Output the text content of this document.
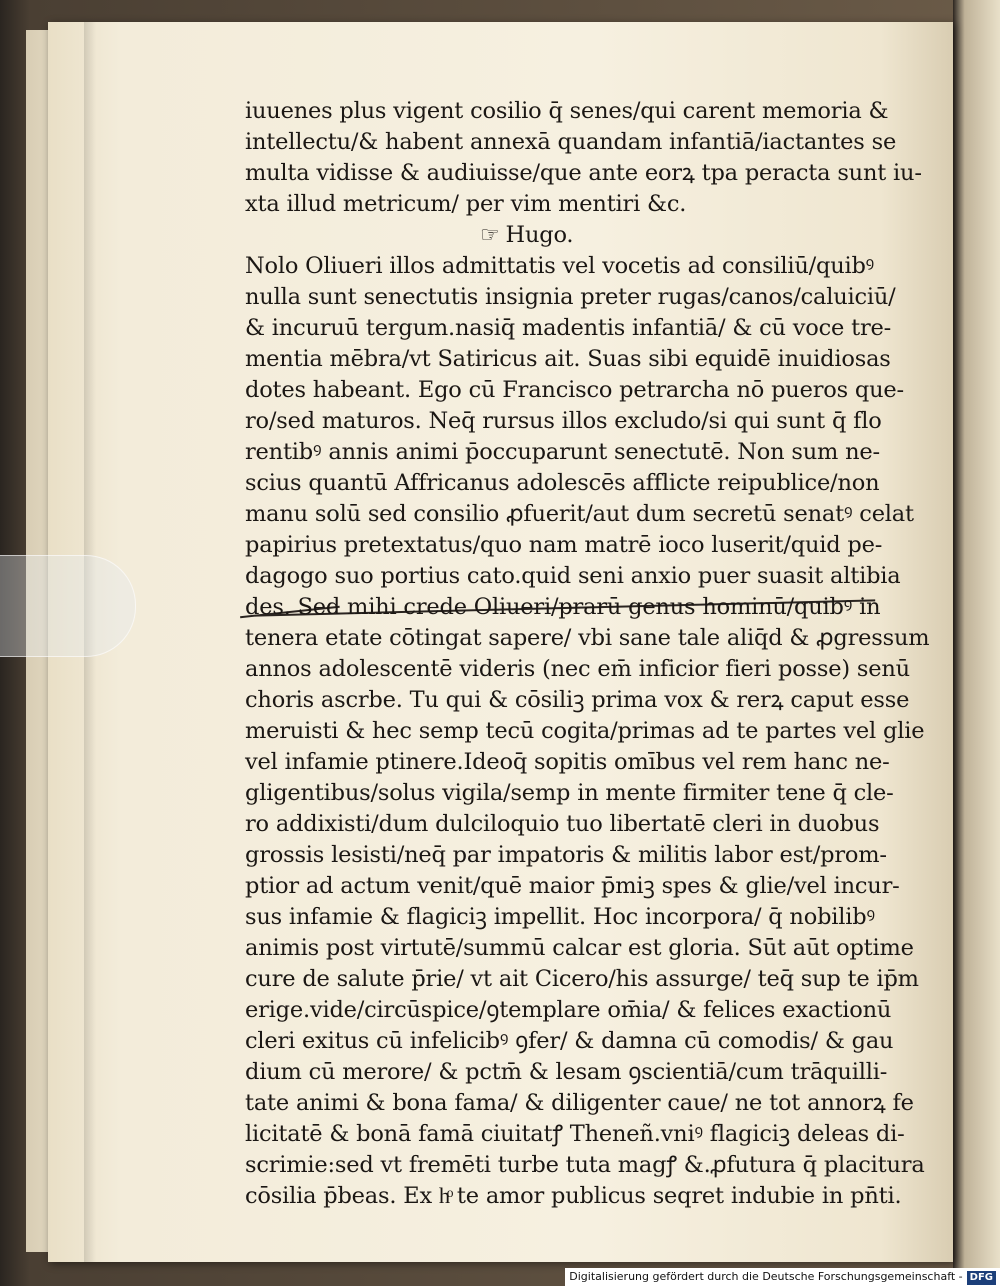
iuuenes plus vigent cosilio q̄ senes/qui carent memoria &
intellectu/& habent annexā quandam infantiā/iactantes se
multa vidisse & audiuisse/que ante eorꝝ tpa peracta sunt iu-
xta illud metricum/ per vim mentiri &c.
☞ Hugo.
Nolo Oliueri illos admittatis vel vocetis ad consiliū/quibꝰ
nulla sunt senectutis insignia preter rugas/canos/caluiciū/
& incuruū tergum.nasiq̄ madentis infantiā/ & cū voce tre-
mentia mēbra/vt Satiricus ait. Suas sibi equidē inuidiosas
dotes habeant. Ego cū Francisco petrarcha nō pueros que-
ro/sed maturos. Neq̄ rursus illos excludo/si qui sunt q̄ flo
rentibꝰ annis animi p̄occuparunt senectutē. Non sum ne-
scius quantū Affricanus adolescēs afflicte reipublice/non
manu solū sed consilio ꝓfuerit/aut dum secretū senatꝰ celat
papirius pretextatus/quo nam matrē ioco luserit/quid pe-
dagogo suo portius cato.quid seni anxio puer suasit altibia
des. Sed mihi crede Oliueri/prarū genus hominū/quibꝰ in
tenera etate cōtingat sapere/ vbi sane tale aliq̄d & ꝓgressum
annos adolescentē videris (nec em̄ inficior fieri posse) senū
choris ascrbe. Tu qui & cōsiliꝫ prima vox & rerꝝ caput esse
meruisti & hec semp tecū cogita/primas ad te partes vel glie
vel infamie ptinere.Ideoq̄ sopitis omībus vel rem hanc ne-
gligentibus/solus vigila/semp in mente firmiter tene q̄ cle-
ro addixisti/dum dulciloquio tuo libertatē cleri in duobus
grossis lesisti/neq̄ par impatoris & militis labor est/prom-
ptior ad actum venit/quē maior p̄miꝫ spes & glie/vel incur-
sus infamie & flagiciꝫ impellit. Hoc incorpora/ q̄ nobilibꝰ
animis post virtutē/summū calcar est gloria. Sūt aūt optime
cure de salute p̄rie/ vt ait Cicero/his assurge/ teq̄ sup te ip̄m
erige.vide/circūspice/ꝯtemplare om̄ia/ & felices exactionū
cleri exitus cū infelicibꝰ ꝯfer/ & damna cū comodis/ & gau
dium cū merore/ & pctm̄ & lesam ꝯscientiā/cum trāquilli-
tate animi & bona fama/ & diligenter caue/ ne tot annorꝝ fe
licitatē & bonā famā ciuitatꝭ Theneñ.vniꝰ flagiciꝫ deleas di-
scrimie:sed vt fremēti turbe tuta magꝭ &.ꝓfutura q̄ placitura
cōsilia p̄beas. Ex hͦ te amor publicus seqret indubie in pn̄ti.
Digitalisierung gefördert durch die Deutsche Forschungsgemeinschaft - DFG
